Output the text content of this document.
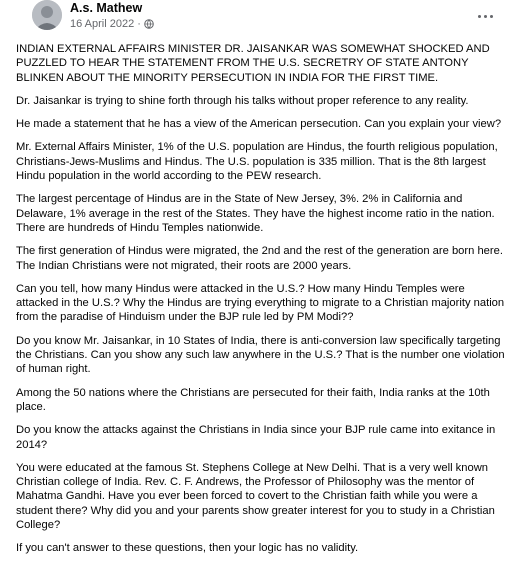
A.s. Mathew
16 April 2022 ·

INDIAN EXTERNAL AFFAIRS MINISTER DR. JAISANKAR WAS SOMEWHAT SHOCKED AND PUZZLED TO HEAR THE STATEMENT FROM THE U.S. SECRETRY OF STATE ANTONY BLINKEN ABOUT THE MINORITY PERSECUTION IN INDIA FOR THE FIRST TIME.

Dr. Jaisankar is trying to shine forth through his talks without proper reference to any reality.

He made a statement that he has a view of the American persecution. Can you explain your view?

Mr. External Affairs Minister, 1% of the U.S. population are Hindus, the fourth religious population, Christians-Jews-Muslims and Hindus. The U.S. population is 335 million. That is the 8th largest Hindu population in the world according to the PEW research.

The largest percentage of Hindus are in the State of New Jersey, 3%. 2% in California and Delaware, 1% average in the rest of the States. They have the highest income ratio in the nation. There are hundreds of Hindu Temples nationwide.

The first generation of Hindus were migrated, the 2nd and the rest of the generation are born here. The Indian Christians were not migrated, their roots are 2000 years.

Can you tell, how many Hindus were attacked in the U.S.? How many Hindu Temples were attacked in the U.S.? Why the Hindus are trying everything to migrate to a Christian majority nation from the paradise of Hinduism under the BJP rule led by PM Modi??

Do you know Mr. Jaisankar, in 10 States of India, there is anti-conversion law specifically targeting the Christians. Can you show any such law anywhere in the U.S.? That is the number one violation of human right.

Among the 50 nations where the Christians are persecuted for their faith, India ranks at the 10th place.

Do you know the attacks against the Christians in India since your BJP rule came into exitance in 2014?

You were educated at the famous St. Stephens College at New Delhi. That is a very well known Christian college of India. Rev. C. F. Andrews, the Professor of Philosophy was the mentor of Mahatma Gandhi. Have you ever been forced to covert to the Christian faith while you were a student there? Why did you and your parents show greater interest for you to study in a Christian College?

If you can't answer to these questions, then your logic has no validity.
